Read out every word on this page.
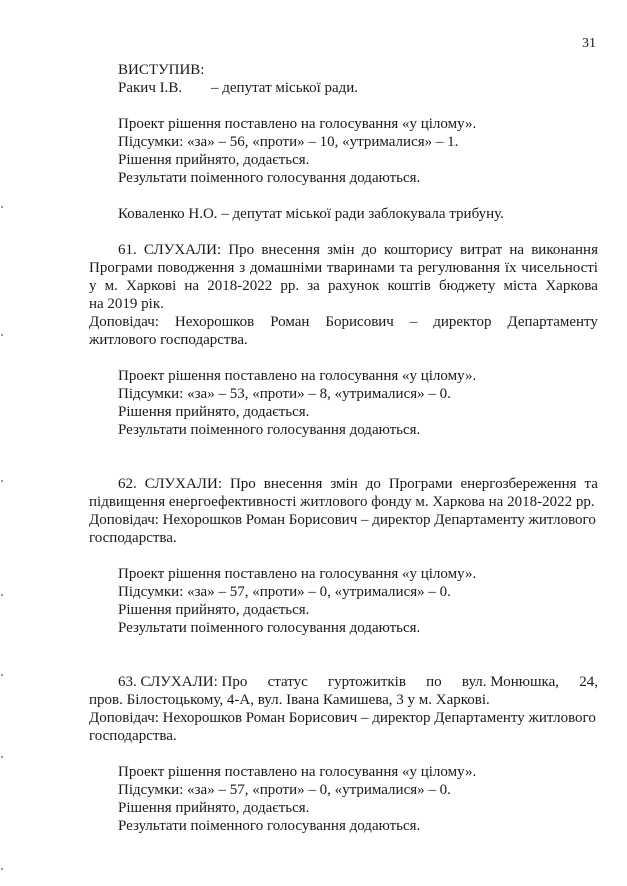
31
ВИСТУПИВ:
Ракич І.В. – депутат міської ради.
Проект рішення поставлено на голосування «у цілому».
Підсумки: «за» – 56, «проти» – 10, «утрималися» – 1.
Рішення прийнято, додається.
Результати поіменного голосування додаються.
Коваленко Н.О. – депутат міської ради заблокувала трибуну.
61. СЛУХАЛИ: Про внесення змін до кошторису витрат на виконання
Програми поводження з домашніми тваринами та регулювання їх чисельності
у м. Харкові на 2018-2022 рр. за рахунок коштів бюджету міста Харкова
на 2019 рік.
Доповідач: Нехорошков Роман Борисович – директор Департаменту
житлового господарства.
Проект рішення поставлено на голосування «у цілому».
Підсумки: «за» – 53, «проти» – 8, «утрималися» – 0.
Рішення прийнято, додається.
Результати поіменного голосування додаються.
62. СЛУХАЛИ: Про внесення змін до Програми енергозбереження та
підвищення енергоефективності житлового фонду м. Харкова на 2018-2022 рр.
Доповідач: Нехорошков Роман Борисович – директор Департаменту житлового
господарства.
Проект рішення поставлено на голосування «у цілому».
Підсумки: «за» – 57, «проти» – 0, «утрималися» – 0.
Рішення прийнято, додається.
Результати поіменного голосування додаються.
63. СЛУХАЛИ: Про статус гуртожитків по вул. Монюшка, 24,
пров. Білостоцькому, 4-А, вул. Івана Камишева, 3 у м. Харкові.
Доповідач: Нехорошков Роман Борисович – директор Департаменту житлового
господарства.
Проект рішення поставлено на голосування «у цілому».
Підсумки: «за» – 57, «проти» – 0, «утрималися» – 0.
Рішення прийнято, додається.
Результати поіменного голосування додаються.
